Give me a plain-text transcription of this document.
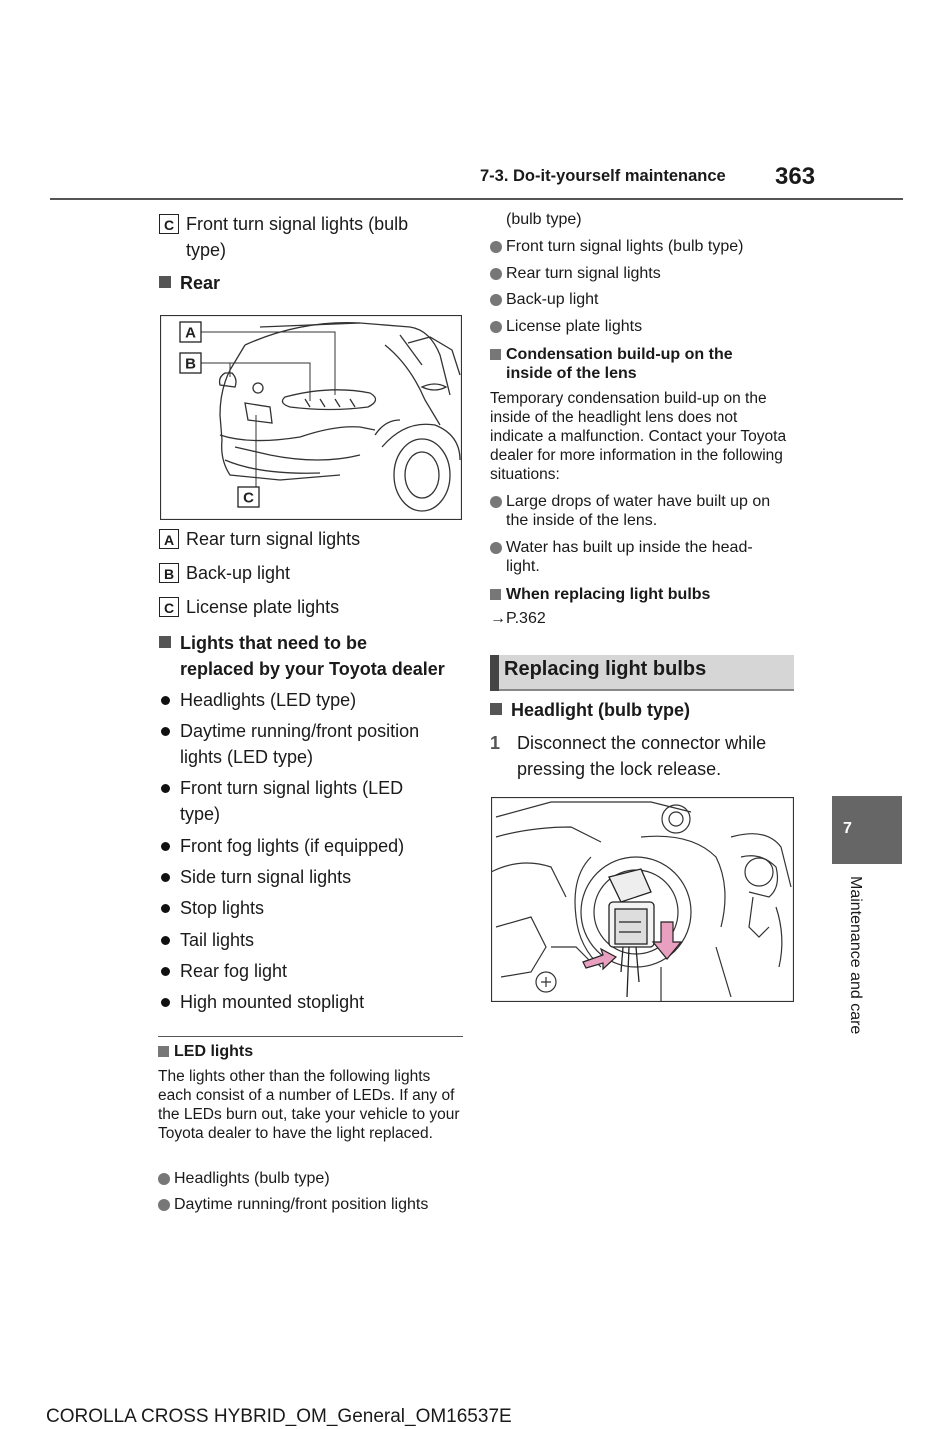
7-3. Do-it-yourself maintenance 363
C Front turn signal lights (bulb
type)
Rear
A
B
C
A Rear turn signal lights
B Back-up light
C License plate lights
Lights that need to be
replaced by your Toyota dealer
Headlights (LED type)
Daytime running/front position lights (LED type)
Front turn signal lights (LED type)
Front fog lights (if equipped)
Side turn signal lights
Stop lights
Tail lights
Rear fog light
High mounted stoplight
LED lights
The lights other than the following lights each consist of a number of LEDs. If any of the LEDs burn out, take your vehicle to your Toyota dealer to have the light replaced.
Headlights (bulb type)
Daytime running/front position lights
(bulb type)
Front turn signal lights (bulb type)
Rear turn signal lights
Back-up light
License plate lights
Condensation build-up on the inside of the lens
Temporary condensation build-up on the inside of the headlight lens does not indicate a malfunction. Contact your Toyota dealer for more information in the following situations:
Large drops of water have built up on the inside of the lens.
Water has built up inside the head-light.
When replacing light bulbs
→P.362
Replacing light bulbs
Headlight (bulb type)
1 Disconnect the connector while pressing the lock release.
7
Maintenance and care
COROLLA CROSS HYBRID_OM_General_OM16537E
